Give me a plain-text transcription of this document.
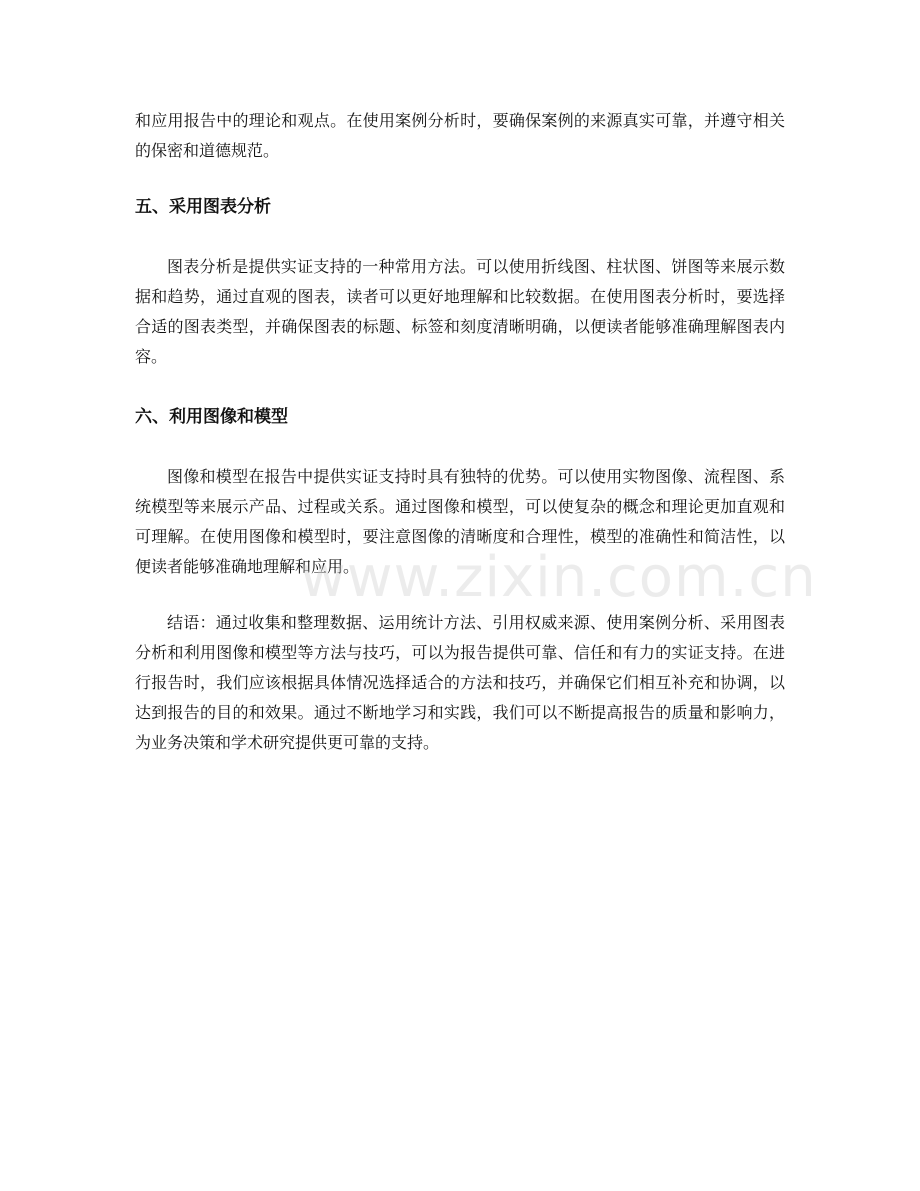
和应用报告中的理论和观点。在使用案例分析时，要确保案例的来源真实可靠，并遵守相关的保密和道德规范。

五、采用图表分析

图表分析是提供实证支持的一种常用方法。可以使用折线图、柱状图、饼图等来展示数据和趋势，通过直观的图表，读者可以更好地理解和比较数据。在使用图表分析时，要选择合适的图表类型，并确保图表的标题、标签和刻度清晰明确，以便读者能够准确理解图表内容。

六、利用图像和模型

图像和模型在报告中提供实证支持时具有独特的优势。可以使用实物图像、流程图、系统模型等来展示产品、过程或关系。通过图像和模型，可以使复杂的概念和理论更加直观和可理解。在使用图像和模型时，要注意图像的清晰度和合理性，模型的准确性和简洁性，以便读者能够准确地理解和应用。

结语：通过收集和整理数据、运用统计方法、引用权威来源、使用案例分析、采用图表分析和利用图像和模型等方法与技巧，可以为报告提供可靠、信任和有力的实证支持。在进行报告时，我们应该根据具体情况选择适合的方法和技巧，并确保它们相互补充和协调，以达到报告的目的和效果。通过不断地学习和实践，我们可以不断提高报告的质量和影响力，为业务决策和学术研究提供更可靠的支持。

www.zixin.com.cn
